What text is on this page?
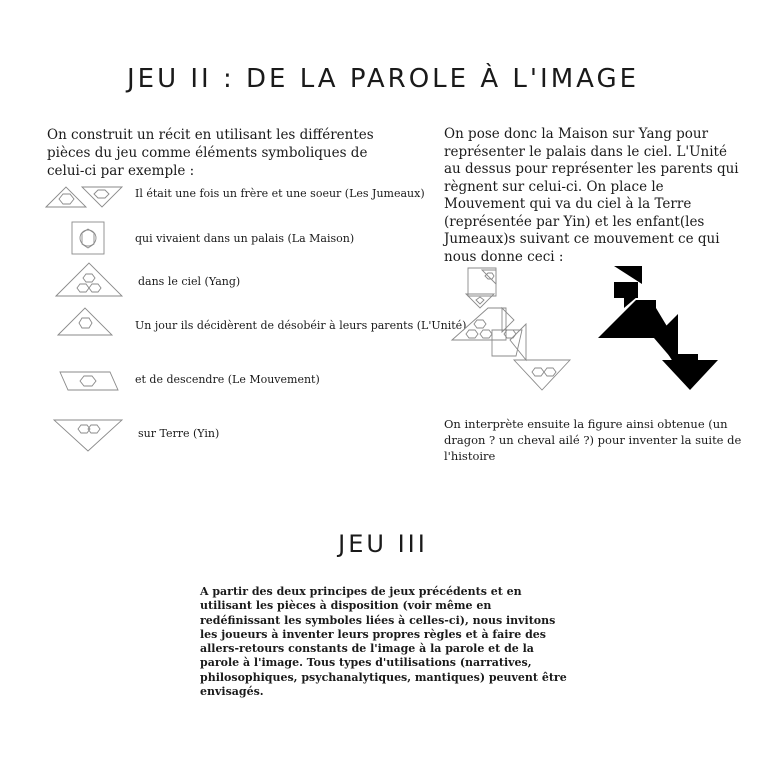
JEU II : DE LA PAROLE À L'IMAGE
On construit un récit en utilisant les différentes pièces du jeu comme éléments symboliques de celui-ci par exemple :
Il était une fois un frère et une soeur (Les Jumeaux)
qui vivaient dans un palais (La Maison)
dans le ciel (Yang)
Un jour ils décidèrent de désobéir à leurs parents (L'Unité)
et de descendre (Le Mouvement)
sur Terre (Yin)
On pose donc la Maison sur Yang pour représenter le palais dans le ciel. L'Unité au dessus pour représenter les parents qui règnent sur celui-ci. On place le Mouvement qui va du ciel à la Terre (représentée par Yin) et les enfant(les Jumeaux)s suivant ce mouvement ce qui nous donne ceci :
On interprète ensuite la figure ainsi obtenue (un dragon ? un cheval ailé ?) pour inventer la suite de l'histoire
JEU III
A partir des deux principes de jeux précédents et en utilisant les pièces à disposition (voir même en redéfinissant les symboles liées à celles-ci), nous invitons les joueurs à inventer leurs propres règles et à faire des allers-retours constants de l'image à la parole et de la parole à l'image. Tous types d'utilisations (narratives, philosophiques, psychanalytiques, mantiques) peuvent être envisagés.
